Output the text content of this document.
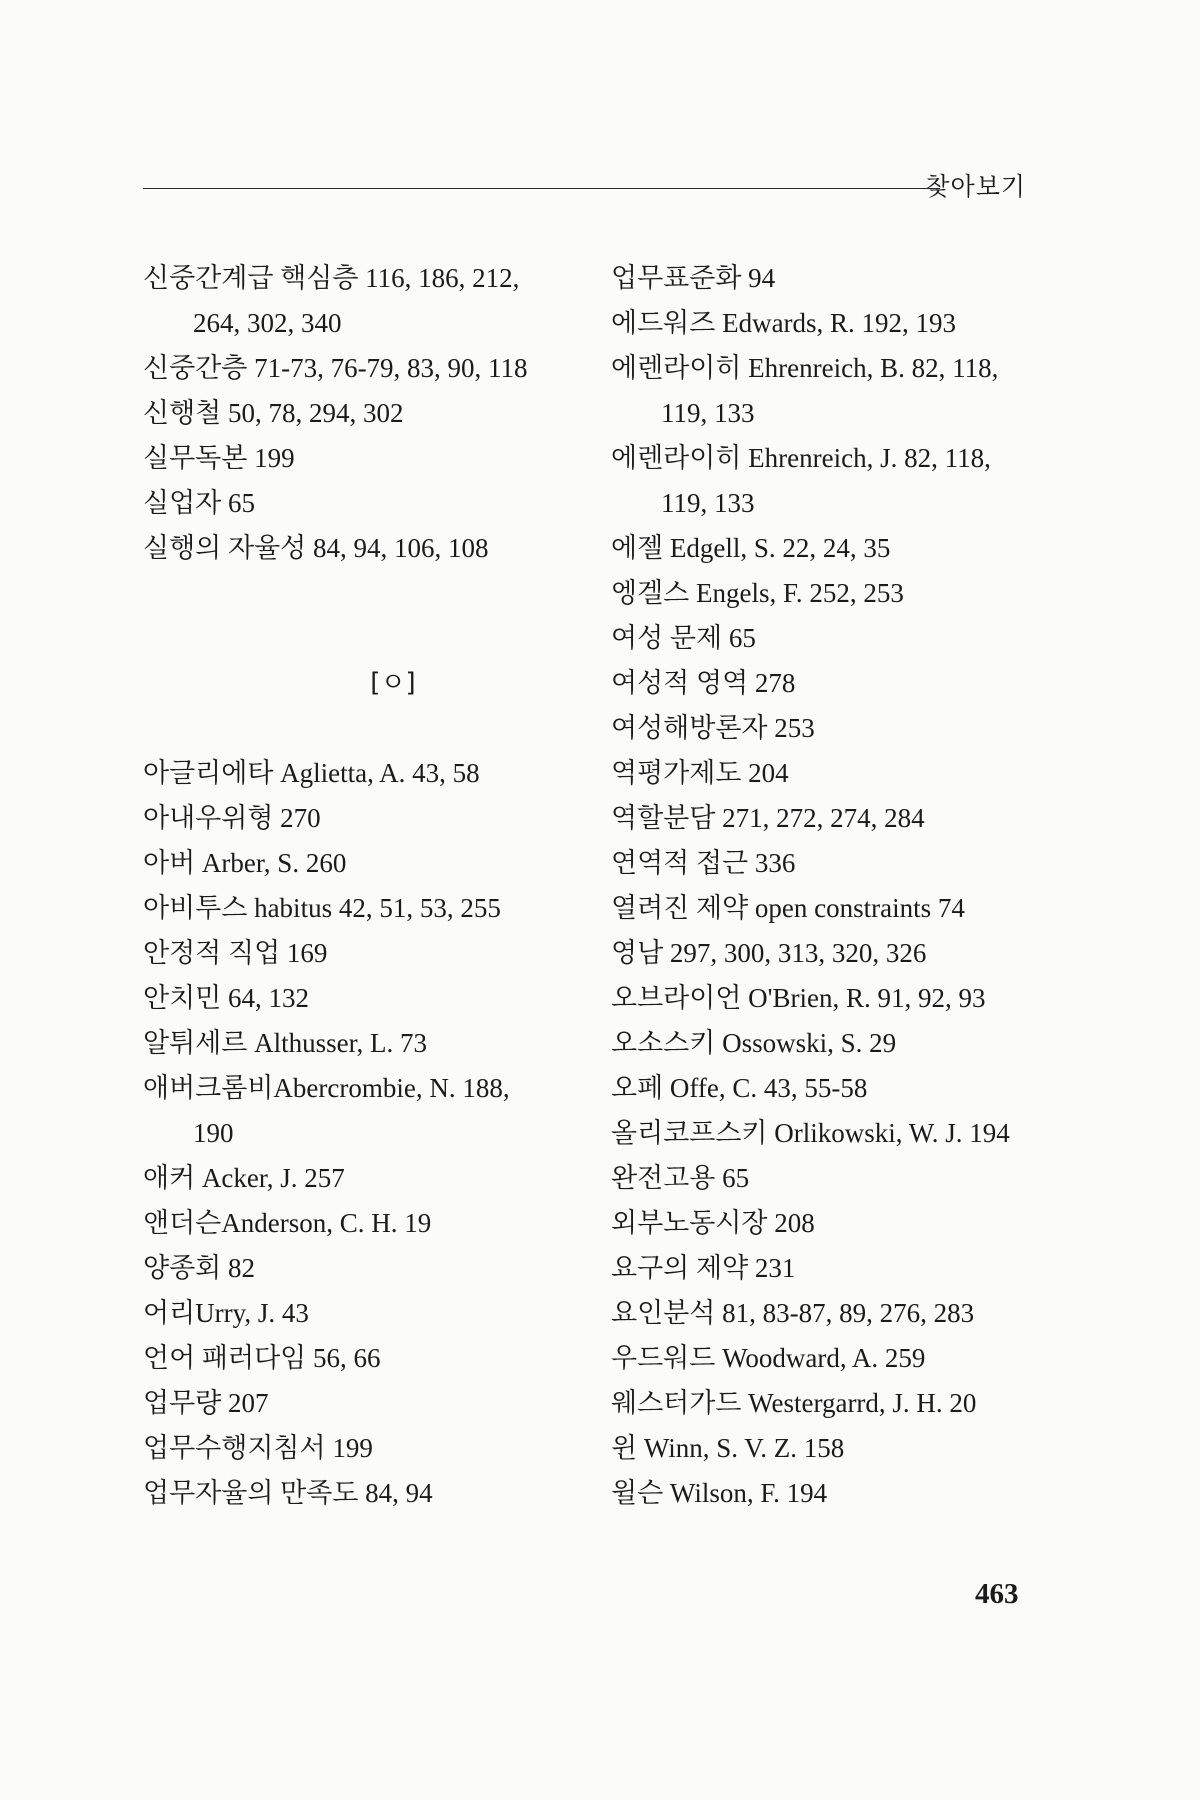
찾아보기
신중간계급 핵심층 116, 186, 212,
264, 302, 340
신중간층 71-73, 76-79, 83, 90, 118
신행철 50, 78, 294, 302
실무독본 199
실업자 65
실행의 자율성 84, 94, 106, 108
[ㅇ]
아글리에타 Aglietta, A. 43, 58
아내우위형 270
아버 Arber, S. 260
아비투스 habitus 42, 51, 53, 255
안정적 직업 169
안치민 64, 132
알튀세르 Althusser, L. 73
애버크롬비Abercrombie, N. 188,
190
애커 Acker, J. 257
앤더슨Anderson, C. H. 19
양종회 82
어리Urry, J. 43
언어 패러다임 56, 66
업무량 207
업무수행지침서 199
업무자율의 만족도 84, 94
업무표준화 94
에드워즈 Edwards, R. 192, 193
에렌라이히 Ehrenreich, B. 82, 118,
119, 133
에렌라이히 Ehrenreich, J. 82, 118,
119, 133
에젤 Edgell, S. 22, 24, 35
엥겔스 Engels, F. 252, 253
여성 문제 65
여성적 영역 278
여성해방론자 253
역평가제도 204
역할분담 271, 272, 274, 284
연역적 접근 336
열려진 제약 open constraints 74
영남 297, 300, 313, 320, 326
오브라이언 O'Brien, R. 91, 92, 93
오소스키 Ossowski, S. 29
오페 Offe, C. 43, 55-58
올리코프스키 Orlikowski, W. J. 194
완전고용 65
외부노동시장 208
요구의 제약 231
요인분석 81, 83-87, 89, 276, 283
우드워드 Woodward, A. 259
웨스터가드 Westergarrd, J. H. 20
윈 Winn, S. V. Z. 158
윌슨 Wilson, F. 194
463
